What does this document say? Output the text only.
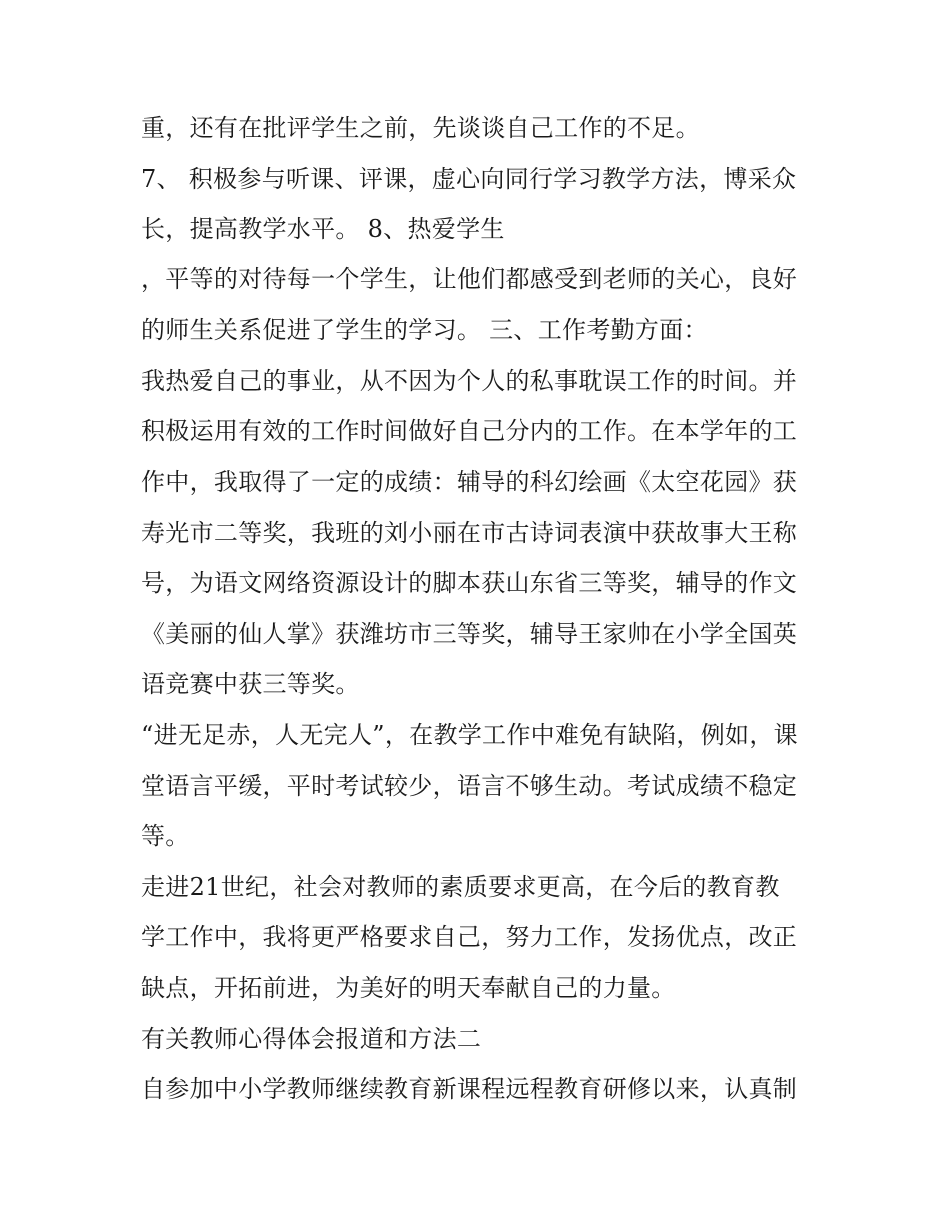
重，还有在批评学生之前，先谈谈自己工作的不足。
7、 积极参与听课、评课，虚心向同行学习教学方法，博采众
长，提高教学水平。 8、热爱学生
，平等的对待每一个学生，让他们都感受到老师的关心，良好
的师生关系促进了学生的学习。 三、工作考勤方面：
我热爱自己的事业，从不因为个人的私事耽误工作的时间。并
积极运用有效的工作时间做好自己分内的工作。在本学年的工
作中，我取得了一定的成绩：辅导的科幻绘画《太空花园》获
寿光市二等奖，我班的刘小丽在市古诗词表演中获故事大王称
号，为语文网络资源设计的脚本获山东省三等奖，辅导的作文
《美丽的仙人掌》获潍坊市三等奖，辅导王家帅在小学全国英
语竞赛中获三等奖。
“进无足赤，人无完人”，在教学工作中难免有缺陷，例如，课
堂语言平缓，平时考试较少，语言不够生动。考试成绩不稳定
等。
走进21世纪，社会对教师的素质要求更高，在今后的教育教
学工作中，我将更严格要求自己，努力工作，发扬优点，改正
缺点，开拓前进，为美好的明天奉献自己的力量。
有关教师心得体会报道和方法二
自参加中小学教师继续教育新课程远程教育研修以来，认真制
